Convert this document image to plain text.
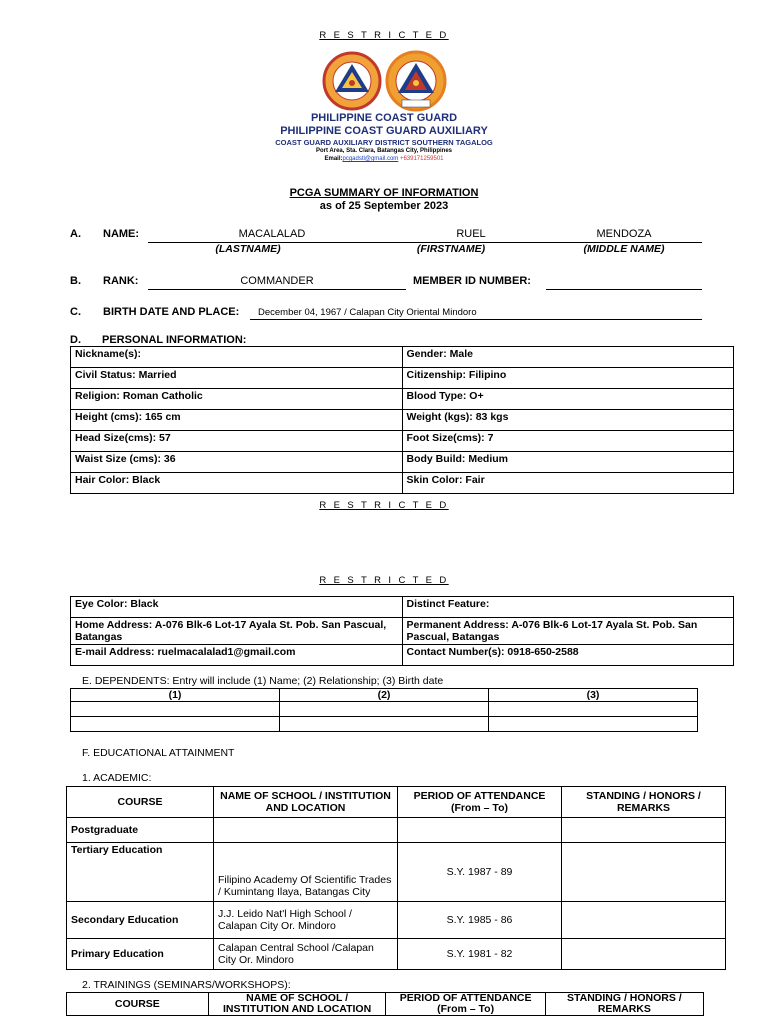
R E S T R I C T E D
PHILIPPINE COAST GUARD
PHILIPPINE COAST GUARD AUXILIARY
COAST GUARD AUXILIARY DISTRICT SOUTHERN TAGALOG
Port Area, Sta. Clara, Batangas City, Philippines
Email:pcgadstl@gmail.com +639171259501
PCGA SUMMARY OF INFORMATION
as of 25 September 2023
A. NAME:	MACALALAD	RUEL	MENDOZA
(LASTNAME)	(FIRSTNAME)	(MIDDLE NAME)
B. RANK:	COMMANDER	MEMBER ID NUMBER:
C. BIRTH DATE AND PLACE:	December 04, 1967 / Calapan City Oriental Mindoro
D. PERSONAL INFORMATION:
Nickname(s):	Gender: Male
Civil Status: Married	Citizenship: Filipino
Religion: Roman Catholic	Blood Type: O+
Height (cms): 165 cm	Weight (kgs): 83 kgs
Head Size(cms): 57	Foot Size(cms): 7
Waist Size (cms): 36	Body Build: Medium
Hair Color: Black	Skin Color: Fair
R E S T R I C T E D
R E S T R I C T E D
Eye Color: Black	Distinct Feature:
Home Address: A-076 Blk-6 Lot-17 Ayala St. Pob. San Pascual, Batangas	Permanent Address: A-076 Blk-6 Lot-17 Ayala St. Pob. San Pascual, Batangas
E-mail Address: ruelmacalalad1@gmail.com	Contact Number(s): 0918-650-2588
E. DEPENDENTS: Entry will include (1) Name; (2) Relationship; (3) Birth date
(1)	(2)	(3)

F. EDUCATIONAL ATTAINMENT
1. ACADEMIC:
COURSE	NAME OF SCHOOL / INSTITUTION AND LOCATION	PERIOD OF ATTENDANCE (From – To)	STANDING / HONORS / REMARKS
Postgraduate			
Tertiary Education	Filipino Academy Of Scientific Trades / Kumintang Ilaya, Batangas City	S.Y. 1987 - 89	
Secondary Education	J.J. Leido Nat'l High School / Calapan City Or. Mindoro	S.Y. 1985 - 86	
Primary Education	Calapan Central School /Calapan City Or. Mindoro	S.Y. 1981 - 82	
2. TRAININGS (SEMINARS/WORKSHOPS):
COURSE	NAME OF SCHOOL / INSTITUTION AND LOCATION	PERIOD OF ATTENDANCE (From – To)	STANDING / HONORS / REMARKS
